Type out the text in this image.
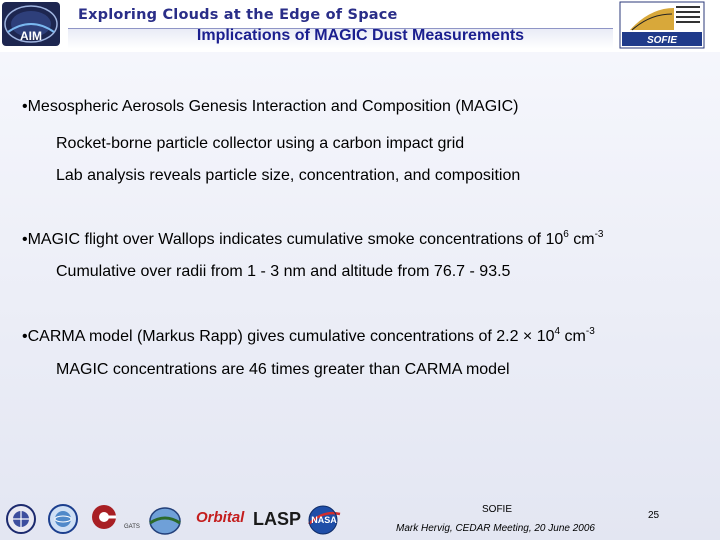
AIM
Exploring Clouds at the Edge of Space
Implications of MAGIC Dust Measurements	SOFIE
•Mesospheric Aerosols Genesis Interaction and Composition (MAGIC)
Rocket-borne particle collector using a carbon impact grid
Lab analysis reveals particle size, concentration, and composition
•MAGIC flight over Wallops indicates cumulative smoke concentrations of $10^6$ $cm^{-3}$
Cumulative over radii from 1 - 3 nm and altitude from 76.7 - 93.5
•CARMA model (Markus Rapp) gives cumulative concentrations of $2.2 \times 10^4$ $cm^{-3}$
MAGIC concentrations are 46 times greater than CARMA model
GATS
Orbital LASP NASA
SOFIE
Mark Hervig, CEDAR Meeting, 20 June 2006
25
